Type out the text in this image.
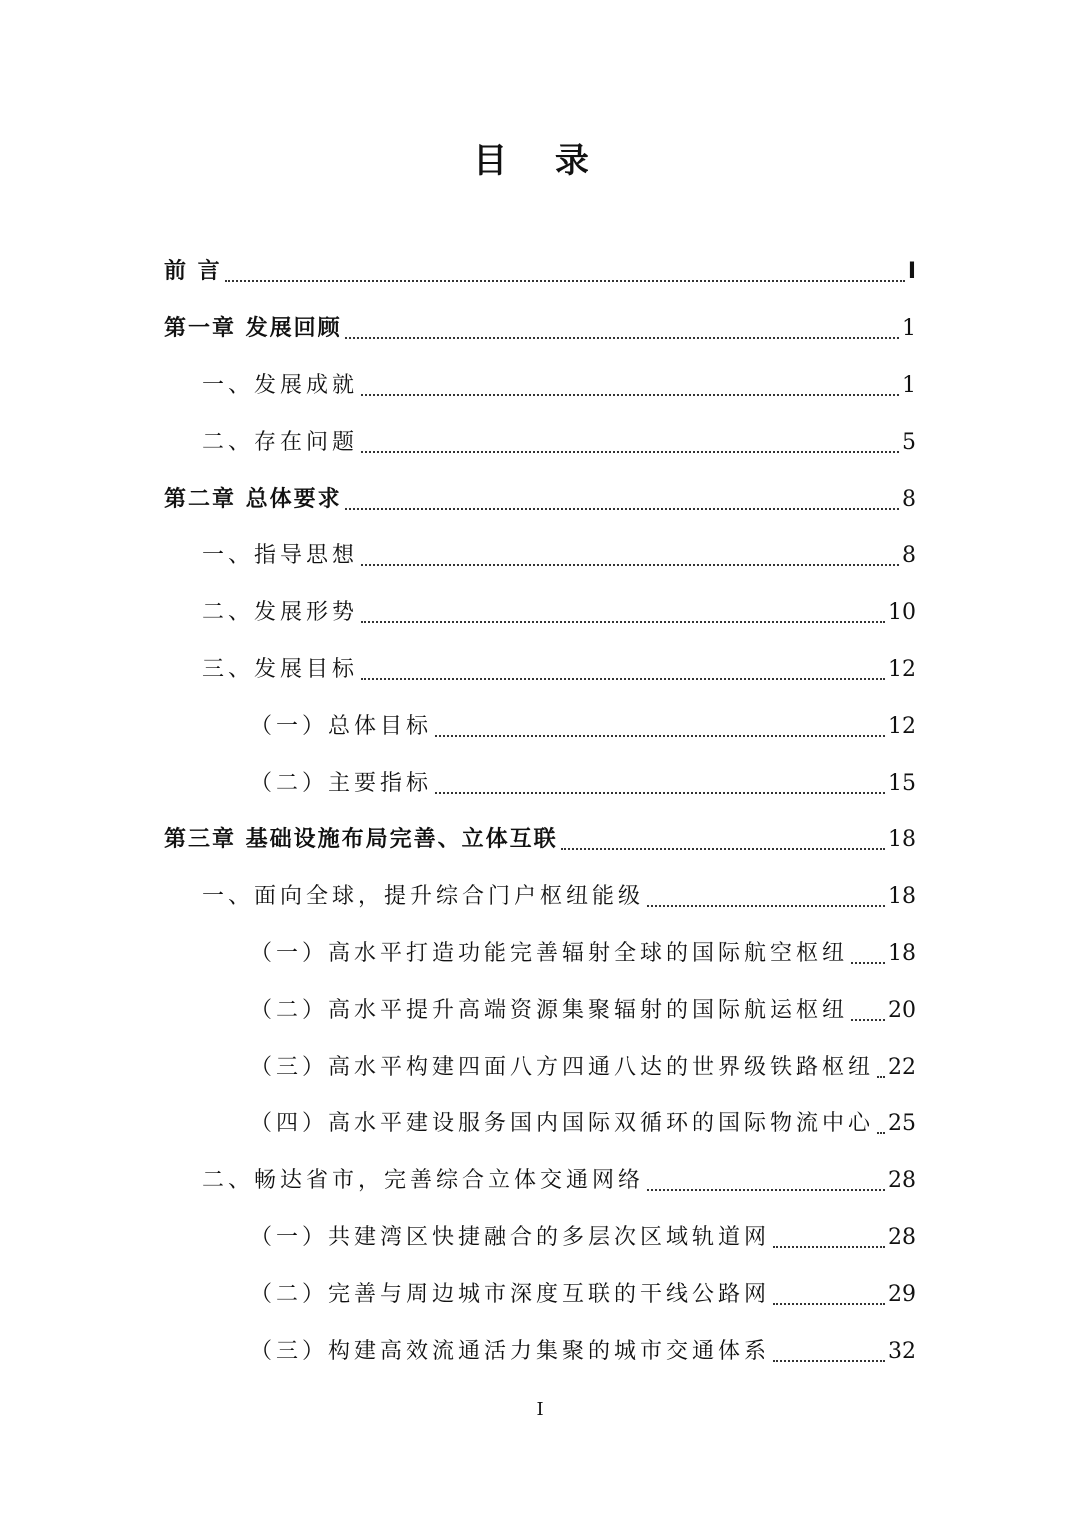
目 录
前 言	I
第一章 发展回顾	1
一、发展成就	1
二、存在问题	5
第二章 总体要求	8
一、指导思想	8
二、发展形势	10
三、发展目标	12
（一）总体目标	12
（二）主要指标	15
第三章 基础设施布局完善、立体互联	18
一、面向全球，提升综合门户枢纽能级	18
（一）高水平打造功能完善辐射全球的国际航空枢纽 18
（二）高水平提升高端资源集聚辐射的国际航运枢纽 20
（三）高水平构建四面八方四通八达的世界级铁路枢纽 22
（四）高水平建设服务国内国际双循环的国际物流中心 25
二、畅达省市，完善综合立体交通网络	28
（一）共建湾区快捷融合的多层次区域轨道网	28
（二）完善与周边城市深度互联的干线公路网	29
（三）构建高效流通活力集聚的城市交通体系	32
I
